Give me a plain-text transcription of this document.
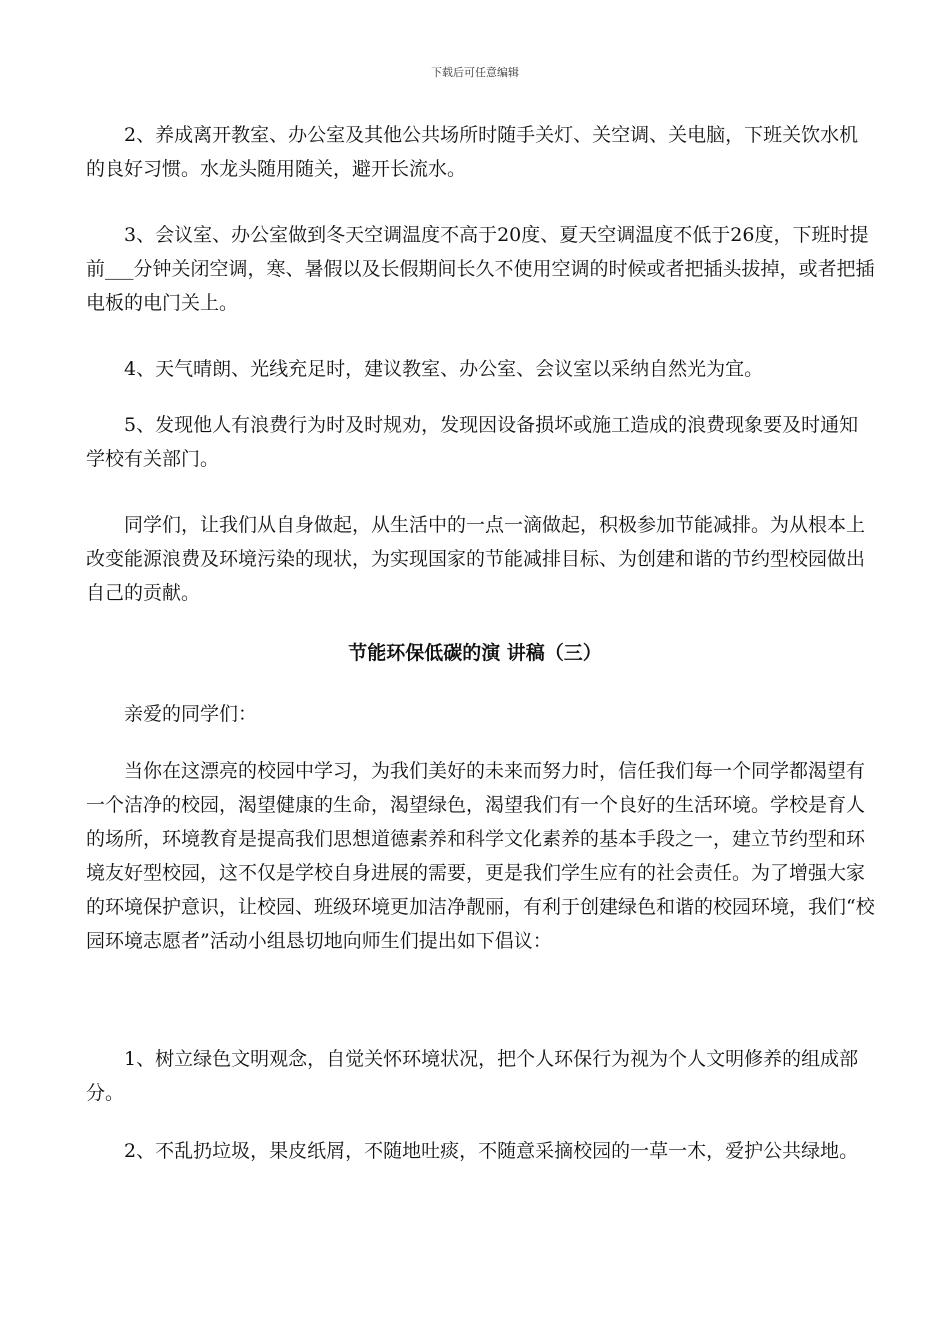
下载后可任意编辑

2、养成离开教室、办公室及其他公共场所时随手关灯、关空调、关电脑，下班关饮水机的良好习惯。水龙头随用随关，避开长流水。

3、会议室、办公室做到冬天空调温度不高于20度、夏天空调温度不低于26度，下班时提前___分钟关闭空调，寒、暑假以及长假期间长久不使用空调的时候或者把插头拔掉，或者把插电板的电门关上。

4、天气晴朗、光线充足时，建议教室、办公室、会议室以采纳自然光为宜。

5、发现他人有浪费行为时及时规劝，发现因设备损坏或施工造成的浪费现象要及时通知学校有关部门。

同学们，让我们从自身做起，从生活中的一点一滴做起，积极参加节能减排。为从根本上改变能源浪费及环境污染的现状，为实现国家的节能减排目标、为创建和谐的节约型校园做出自己的贡献。

节能环保低碳的演 讲稿（三）

亲爱的同学们：

当你在这漂亮的校园中学习，为我们美好的未来而努力时，信任我们每一个同学都渴望有一个洁净的校园，渴望健康的生命，渴望绿色，渴望我们有一个良好的生活环境。学校是育人的场所，环境教育是提高我们思想道德素养和科学文化素养的基本手段之一，建立节约型和环境友好型校园，这不仅是学校自身进展的需要，更是我们学生应有的社会责任。为了增强大家的环境保护意识，让校园、班级环境更加洁净靓丽，有利于创建绿色和谐的校园环境，我们“校园环境志愿者”活动小组恳切地向师生们提出如下倡议：

1、树立绿色文明观念，自觉关怀环境状况，把个人环保行为视为个人文明修养的组成部分。

2、不乱扔垃圾，果皮纸屑，不随地吐痰，不随意采摘校园的一草一木，爱护公共绿地。
